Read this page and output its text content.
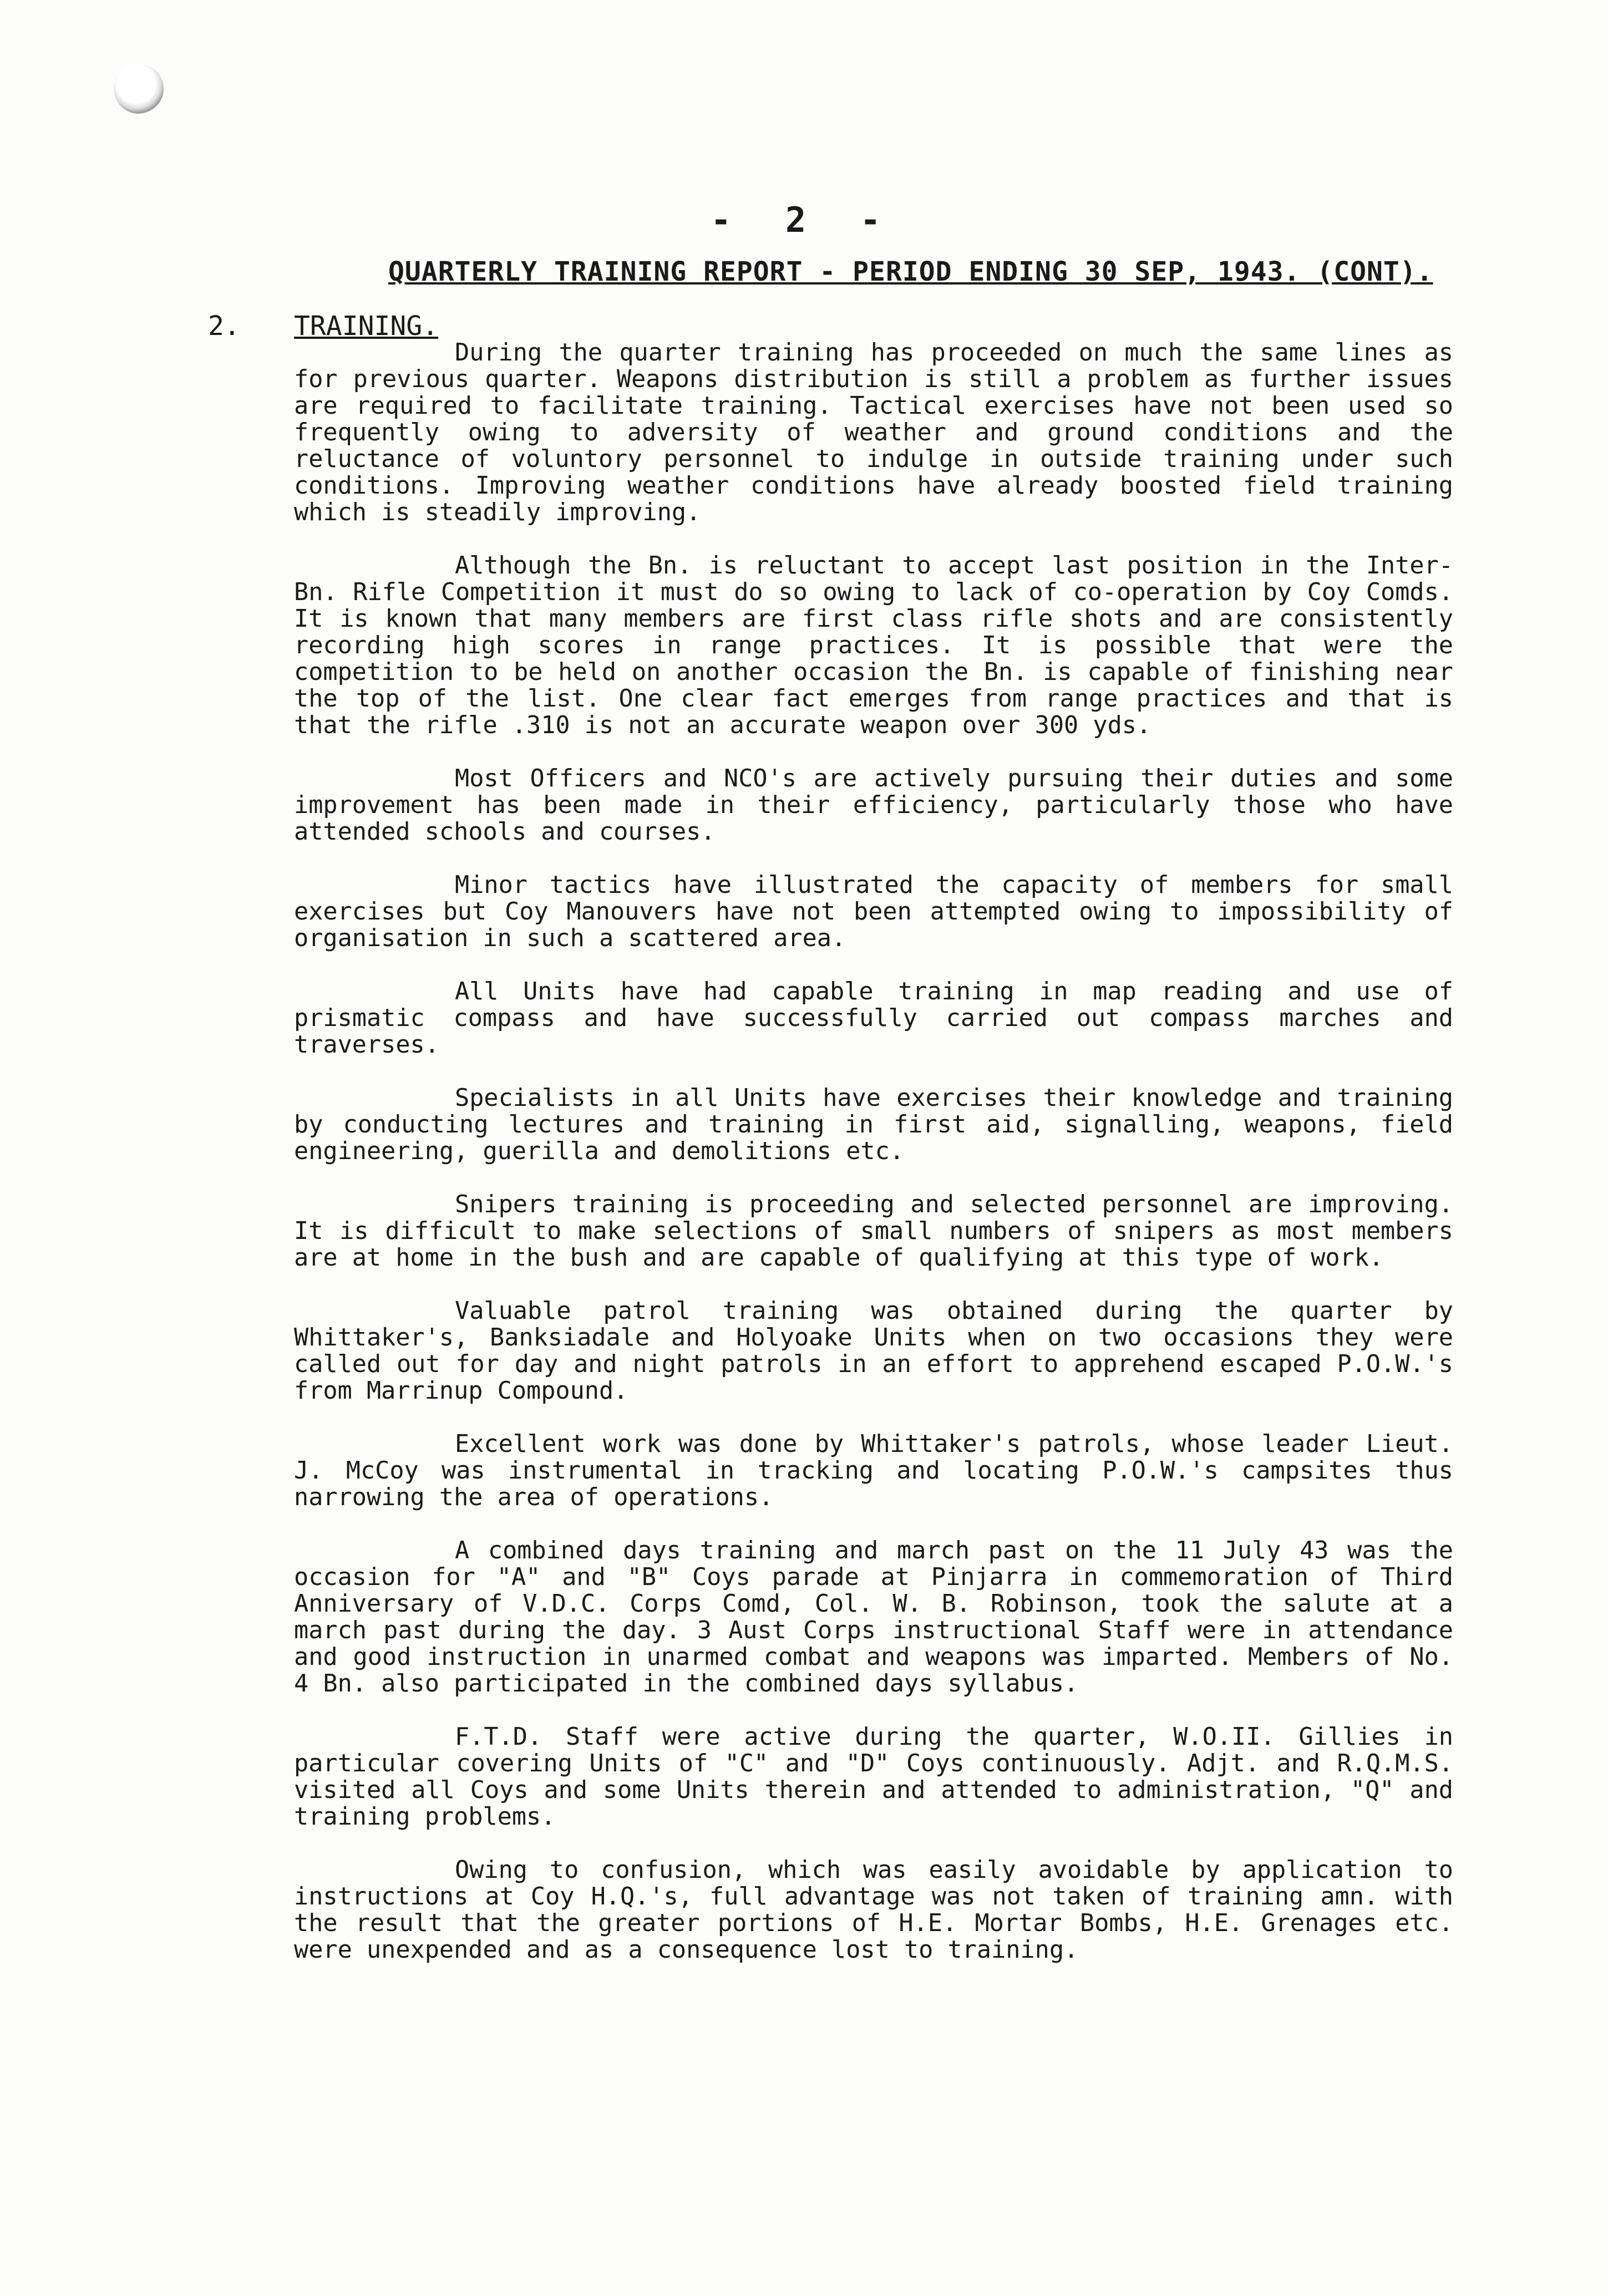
- 2 -
QUARTERLY TRAINING REPORT - PERIOD ENDING 30 SEP, 1943. (CONT).
2. TRAINING.

During the quarter training has proceeded on much the same lines as for previous quarter. Weapons distribution is still a problem as further issues are required to facilitate training. Tactical exercises have not been used so frequently owing to adversity of weather and ground conditions and the reluctance of voluntory personnel to indulge in outside training under such conditions. Improving weather conditions have already boosted field training which is steadily improving.

Although the Bn. is reluctant to accept last position in the Inter-Bn. Rifle Competition it must do so owing to lack of co-operation by Coy Comds. It is known that many members are first class rifle shots and are consistently recording high scores in range practices. It is possible that were the competition to be held on another occasion the Bn. is capable of finishing near the top of the list. One clear fact emerges from range practices and that is that the rifle .310 is not an accurate weapon over 300 yds.

Most Officers and NCO's are actively pursuing their duties and some improvement has been made in their efficiency, particularly those who have attended schools and courses.

Minor tactics have illustrated the capacity of members for small exercises but Coy Manouvers have not been attempted owing to impossibility of organisation in such a scattered area.

All Units have had capable training in map reading and use of prismatic compass and have successfully carried out compass marches and traverses.

Specialists in all Units have exercises their knowledge and training by conducting lectures and training in first aid, signalling, weapons, field engineering, guerilla and demolitions etc.

Snipers training is proceeding and selected personnel are improving. It is difficult to make selections of small numbers of snipers as most members are at home in the bush and are capable of qualifying at this type of work.

Valuable patrol training was obtained during the quarter by Whittaker's, Banksiadale and Holyoake Units when on two occasions they were called out for day and night patrols in an effort to apprehend escaped P.O.W.'s from Marrinup Compound.

Excellent work was done by Whittaker's patrols, whose leader Lieut. J. McCoy was instrumental in tracking and locating P.O.W.'s campsites thus narrowing the area of operations.

A combined days training and march past on the 11 July 43 was the occasion for "A" and "B" Coys parade at Pinjarra in commemoration of Third Anniversary of V.D.C. Corps Comd, Col. W. B. Robinson, took the salute at a march past during the day. 3 Aust Corps instructional Staff were in attendance and good instruction in unarmed combat and weapons was imparted. Members of No. 4 Bn. also participated in the combined days syllabus.

F.T.D. Staff were active during the quarter, W.O.II. Gillies in particular covering Units of "C" and "D" Coys continuously. Adjt. and R.Q.M.S. visited all Coys and some Units therein and attended to administration, "Q" and training problems.

Owing to confusion, which was easily avoidable by application to instructions at Coy H.Q.'s, full advantage was not taken of training amn. with the result that the greater portions of H.E. Mortar Bombs, H.E. Grenages etc. were unexpended and as a consequence lost to training.
